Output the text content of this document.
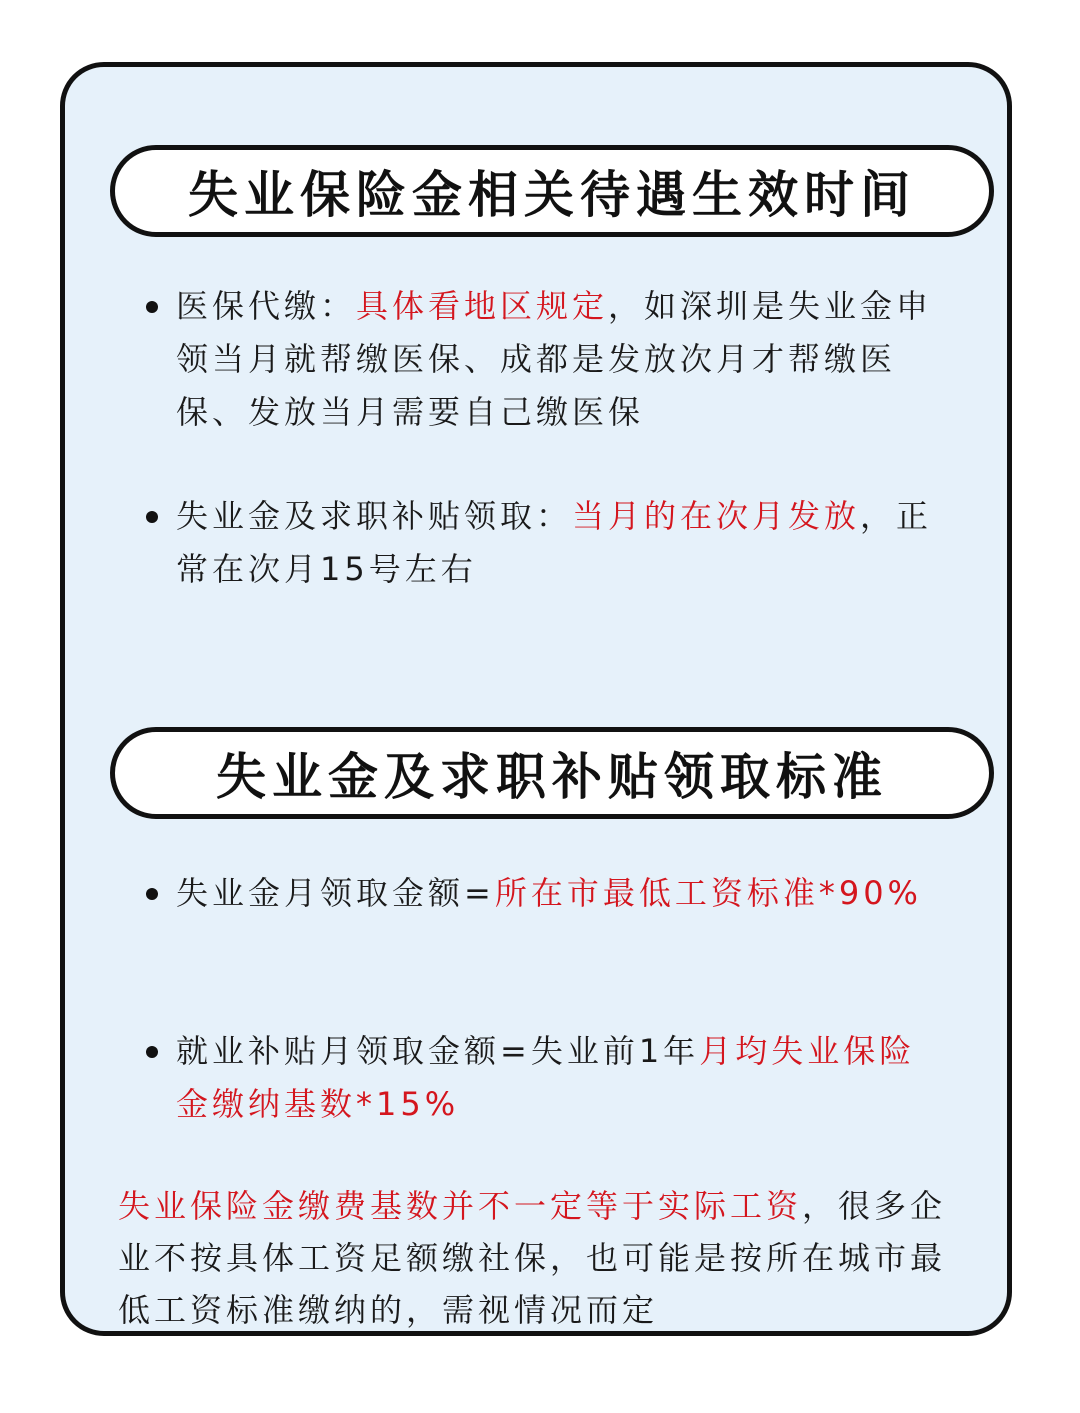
失业保险金相关待遇生效时间
医保代缴：具体看地区规定，如深圳是失业金申领当月就帮缴医保、成都是发放次月才帮缴医保、发放当月需要自己缴医保
失业金及求职补贴领取：当月的在次月发放，正常在次月15号左右
失业金及求职补贴领取标准
失业金月领取金额=所在市最低工资标准*90%
就业补贴月领取金额=失业前1年月均失业保险金缴纳基数*15%
失业保险金缴费基数并不一定等于实际工资，很多企业不按具体工资足额缴社保，也可能是按所在城市最低工资标准缴纳的，需视情况而定
